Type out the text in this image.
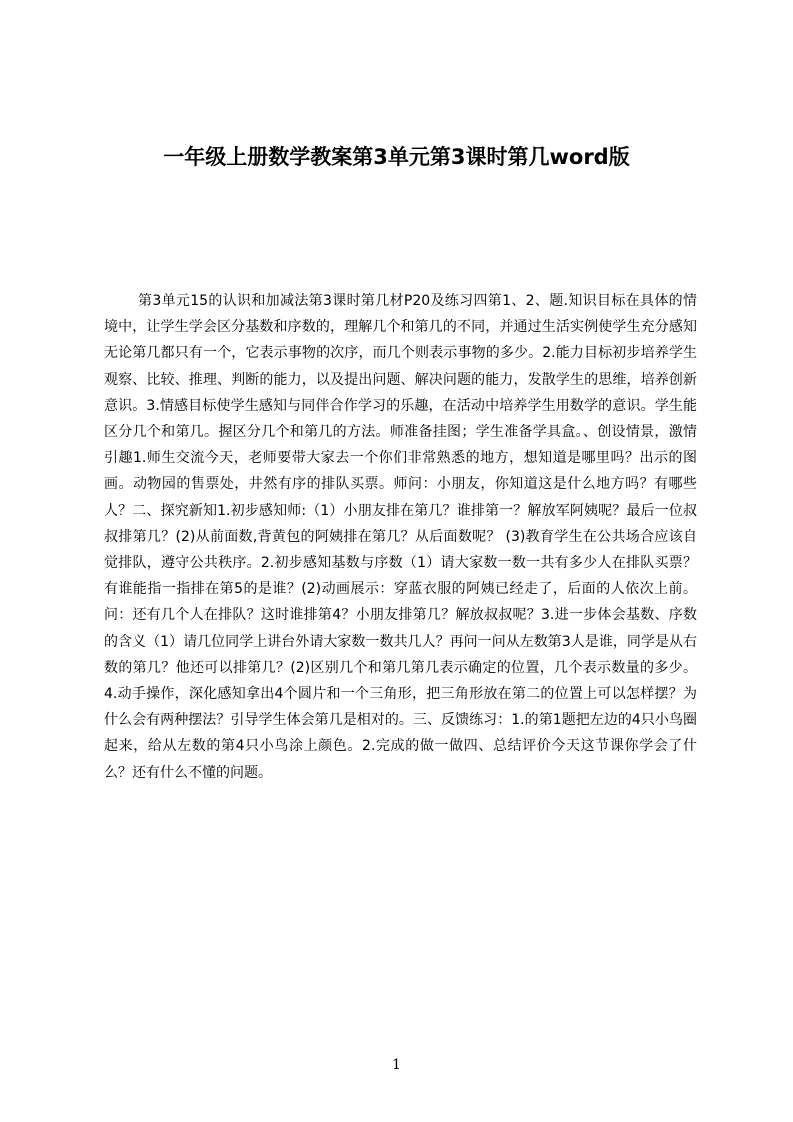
一年级上册数学教案第3单元第3课时第几word版

第3单元15的认识和加减法第3课时第几材P20及练习四第1、2、题.知识目标在具体的情境中，让学生学会区分基数和序数的，理解几个和第几的不同，并通过生活实例使学生充分感知无论第几都只有一个，它表示事物的次序，而几个则表示事物的多少。2.能力目标初步培养学生观察、比较、推理、判断的能力，以及提出问题、解决问题的能力，发散学生的思维，培养创新意识。3.情感目标使学生感知与同伴合作学习的乐趣，在活动中培养学生用数学的意识。学生能区分几个和第几。握区分几个和第几的方法。师准备挂图；学生准备学具盒。、创设情景，激情引趣1.师生交流今天，老师要带大家去一个你们非常熟悉的地方，想知道是哪里吗？出示的图画。动物园的售票处，井然有序的排队买票。师问：小朋友，你知道这是什么地方吗？有哪些人？二、探究新知1.初步感知师:（1）小朋友排在第几？谁排第一？解放军阿姨呢？最后一位叔叔排第几？(2)从前面数,背黄包的阿姨排在第几？从后面数呢？ (3)教育学生在公共场合应该自觉排队，遵守公共秩序。2.初步感知基数与序数（1）请大家数一数一共有多少人在排队买票？有谁能指一指排在第5的是谁？(2)动画展示：穿蓝衣服的阿姨已经走了，后面的人依次上前。问：还有几个人在排队？这时谁排第4？小朋友排第几？解放叔叔呢？3.进一步体会基数、序数的含义（1）请几位同学上讲台外请大家数一数共几人？再问一问从左数第3人是谁，同学是从右数的第几？他还可以排第几？(2)区别几个和第几第几表示确定的位置，几个表示数量的多少。4.动手操作，深化感知拿出4个圆片和一个三角形，把三角形放在第二的位置上可以怎样摆？为什么会有两种摆法？引导学生体会第几是相对的。三、反馈练习：1.的第1题把左边的4只小鸟圈起来，给从左数的第4只小鸟涂上颜色。2.完成的做一做四、总结评价今天这节课你学会了什么？还有什么不懂的问题。

1
